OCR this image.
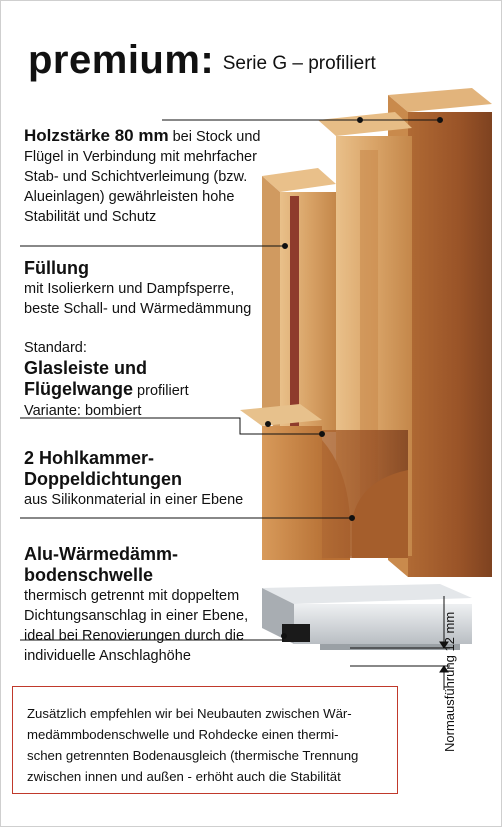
premium: Serie G – profiliert
Holzstärke 80 mm bei Stock und
Flügel in Verbindung mit mehrfacher
Stab- und Schichtverleimung (bzw.
Alueinlagen) gewährleisten hohe
Stabilität und Schutz
Füllung
mit Isolierkern und Dampfsperre,
beste Schall- und Wärmedämmung
Standard:
Glasleiste und
Flügelwange profiliert
Variante: bombiert
2 Hohlkammer-
Doppeldichtungen
aus Silikonmaterial in einer Ebene
Alu-Wärmedämm-
bodenschwelle
thermisch getrennt mit doppeltem
Dichtungsanschlag in einer Ebene,
ideal bei Renovierungen durch die
individuelle Anschlaghöhe	Normausführung 12 mm
Zusätzlich empfehlen wir bei Neubauten zwischen Wär-
medämmbodenschwelle und Rohdecke einen thermi-
schen getrennten Bodenausgleich (thermische Trennung
zwischen innen und außen - erhöht auch die Stabilität
